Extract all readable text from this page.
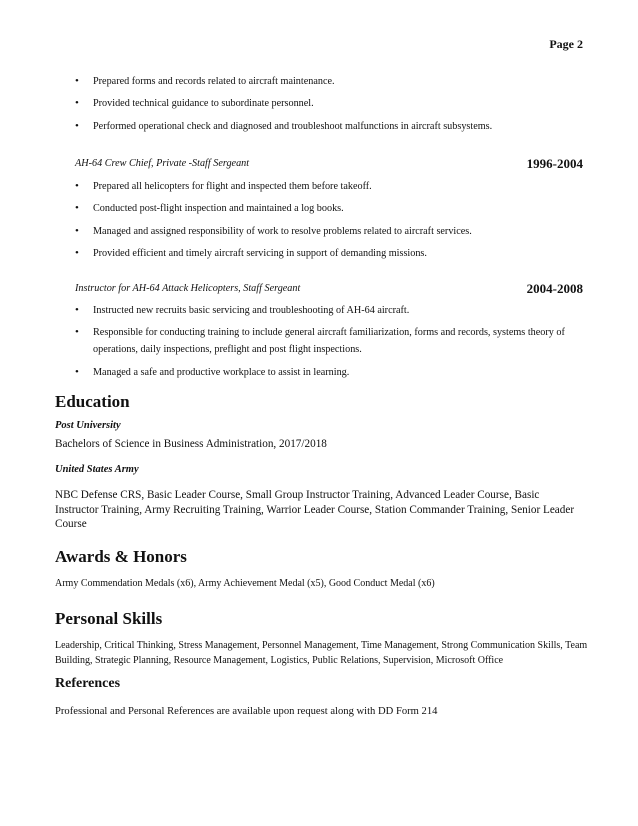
Page 2
• Prepared forms and records related to aircraft maintenance.
• Provided technical guidance to subordinate personnel.
• Performed operational check and diagnosed and troubleshoot malfunctions in aircraft subsystems.
AH-64 Crew Chief, Private -Staff Sergeant	1996-2004
• Prepared all helicopters for flight and inspected them before takeoff.
• Conducted post-flight inspection and maintained a log books.
• Managed and assigned responsibility of work to resolve problems related to aircraft services.
• Provided efficient and timely aircraft servicing in support of demanding missions.
Instructor for AH-64 Attack Helicopters, Staff Sergeant	2004-2008
• Instructed new recruits basic servicing and troubleshooting of AH-64 aircraft.
• Responsible for conducting training to include general aircraft familiarization, forms and records, systems theory of operations, daily inspections, preflight and post flight inspections.
• Managed a safe and productive workplace to assist in learning.
Education
Post University
Bachelors of Science in Business Administration, 2017/2018
United States Army
NBC Defense CRS, Basic Leader Course, Small Group Instructor Training, Advanced Leader Course, Basic Instructor Training, Army Recruiting Training, Warrior Leader Course, Station Commander Training, Senior Leader Course
Awards & Honors
Army Commendation Medals (x6), Army Achievement Medal (x5), Good Conduct Medal (x6)
Personal Skills
Leadership, Critical Thinking, Stress Management, Personnel Management, Time Management, Strong Communication Skills, Team Building, Strategic Planning, Resource Management, Logistics, Public Relations, Supervision, Microsoft Office
References
Professional and Personal References are available upon request along with DD Form 214
